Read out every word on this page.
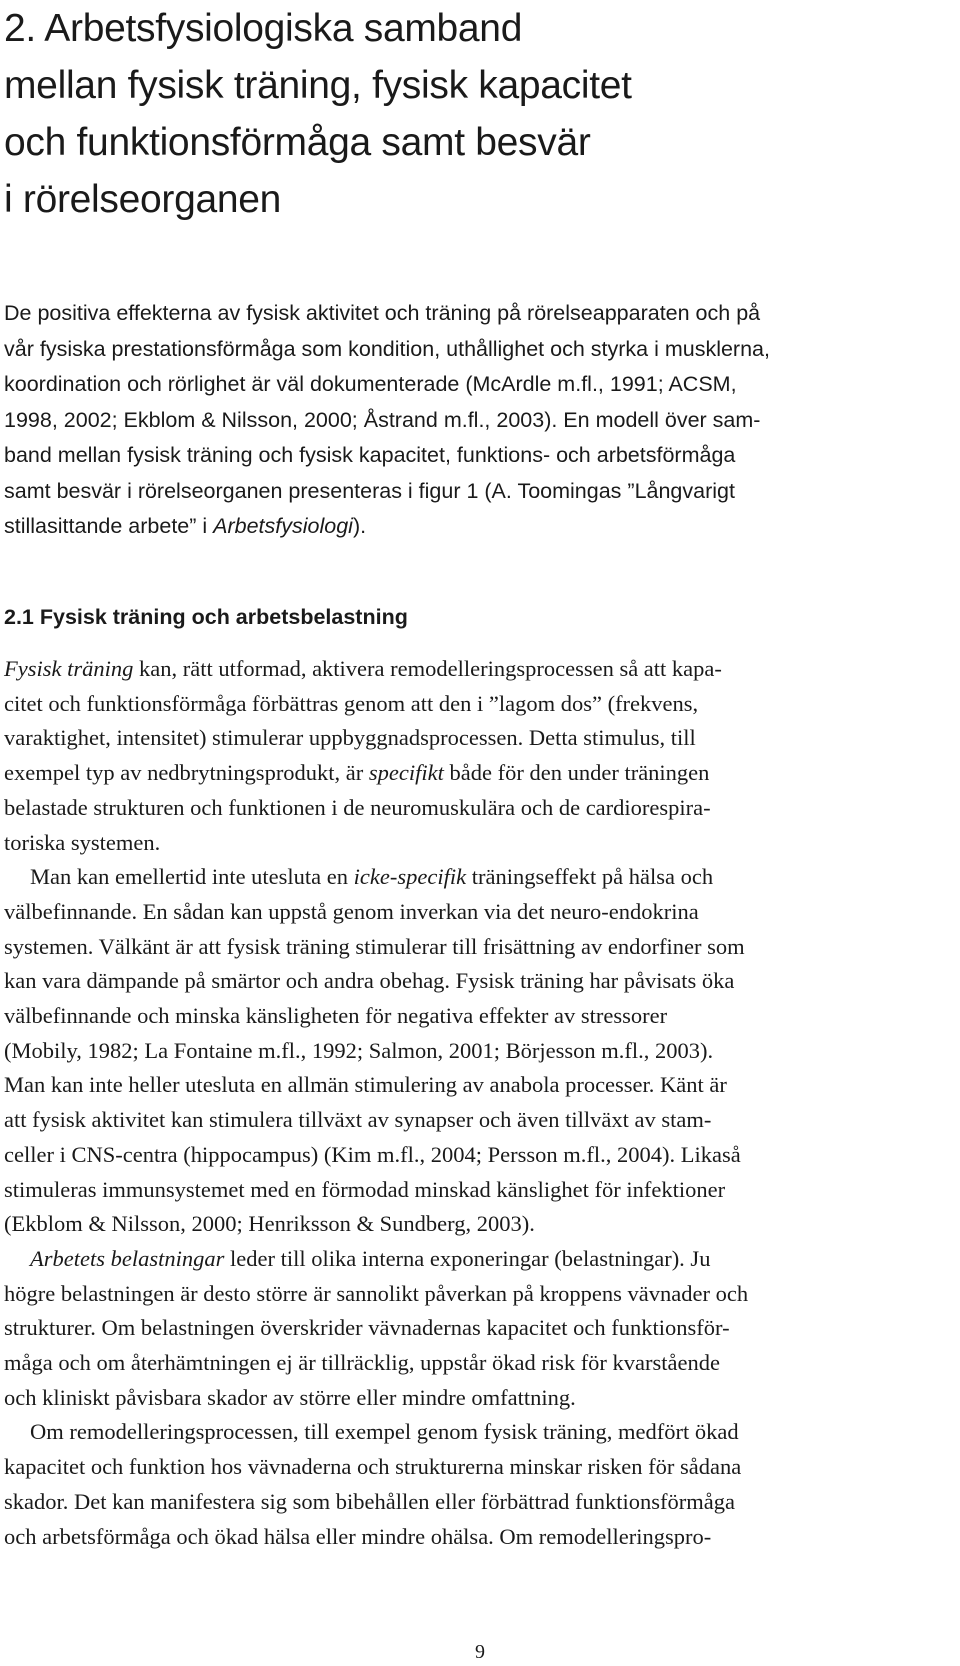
2. Arbetsfysiologiska samband
mellan fysisk träning, fysisk kapacitet
och funktionsförmåga samt besvär
i rörelseorganen
De positiva effekterna av fysisk aktivitet och träning på rörelseapparaten och på
vår fysiska prestationsförmåga som kondition, uthållighet och styrka i musklerna,
koordination och rörlighet är väl dokumenterade (McArdle m.fl., 1991; ACSM,
1998, 2002; Ekblom & Nilsson, 2000; Åstrand m.fl., 2003). En modell över sam-
band mellan fysisk träning och fysisk kapacitet, funktions- och arbetsförmåga
samt besvär i rörelseorganen presenteras i figur 1 (A. Toomingas ”Långvarigt
stillasittande arbete” i Arbetsfysiologi).
2.1 Fysisk träning och arbetsbelastning
Fysisk träning kan, rätt utformad, aktivera remodelleringsprocessen så att kapa-
citet och funktionsförmåga förbättras genom att den i ”lagom dos” (frekvens,
varaktighet, intensitet) stimulerar uppbyggnadsprocessen. Detta stimulus, till
exempel typ av nedbrytningsprodukt, är specifikt både för den under träningen
belastade strukturen och funktionen i de neuromuskulära och de cardiorespira-
toriska systemen.
Man kan emellertid inte utesluta en icke-specifik träningseffekt på hälsa och
välbefinnande. En sådan kan uppstå genom inverkan via det neuro-endokrina
systemen. Välkänt är att fysisk träning stimulerar till frisättning av endorfiner som
kan vara dämpande på smärtor och andra obehag. Fysisk träning har påvisats öka
välbefinnande och minska känsligheten för negativa effekter av stressorer
(Mobily, 1982; La Fontaine m.fl., 1992; Salmon, 2001; Börjesson m.fl., 2003).
Man kan inte heller utesluta en allmän stimulering av anabola processer. Känt är
att fysisk aktivitet kan stimulera tillväxt av synapser och även tillväxt av stam-
celler i CNS-centra (hippocampus) (Kim m.fl., 2004; Persson m.fl., 2004). Likaså
stimuleras immunsystemet med en förmodad minskad känslighet för infektioner
(Ekblom & Nilsson, 2000; Henriksson & Sundberg, 2003).
Arbetets belastningar leder till olika interna exponeringar (belastningar). Ju
högre belastningen är desto större är sannolikt påverkan på kroppens vävnader och
strukturer. Om belastningen överskrider vävnadernas kapacitet och funktionsför-
måga och om återhämtningen ej är tillräcklig, uppstår ökad risk för kvarstående
och kliniskt påvisbara skador av större eller mindre omfattning.
Om remodelleringsprocessen, till exempel genom fysisk träning, medfört ökad
kapacitet och funktion hos vävnaderna och strukturerna minskar risken för sådana
skador. Det kan manifestera sig som bibehållen eller förbättrad funktionsförmåga
och arbetsförmåga och ökad hälsa eller mindre ohälsa. Om remodelleringspro-
9
